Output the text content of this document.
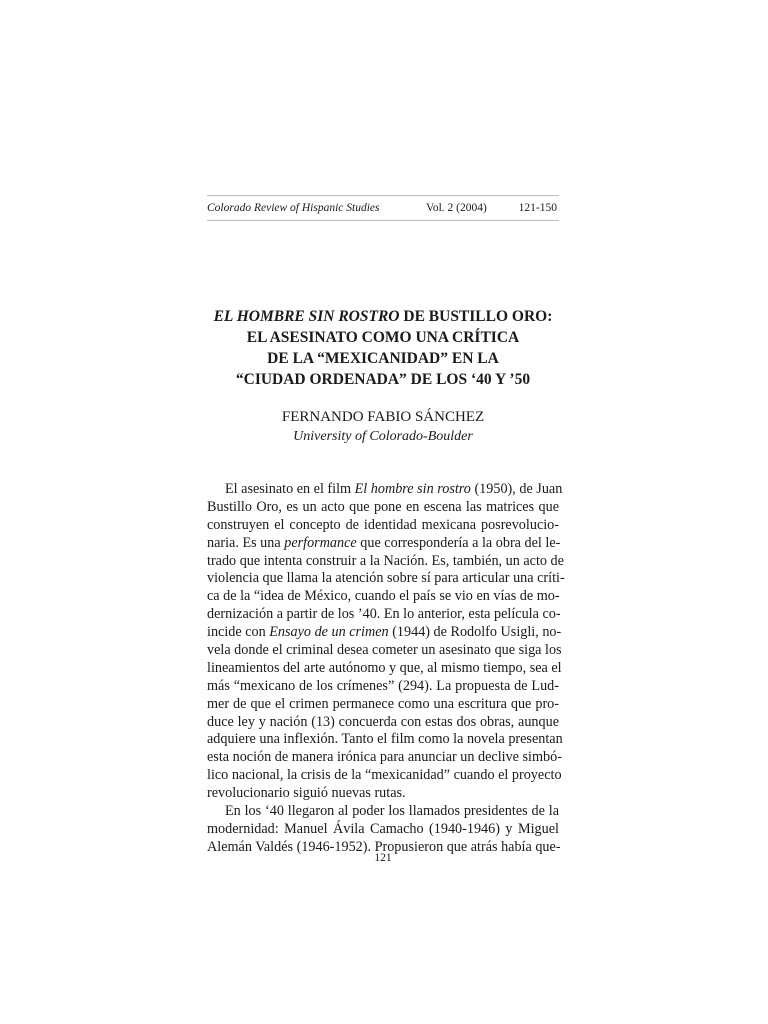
Colorado Review of Hispanic Studies	Vol. 2 (2004)	121-150
EL HOMBRE SIN ROSTRO DE BUSTILLO ORO:
EL ASESINATO COMO UNA CRÍTICA
DE LA “MEXICANIDAD” EN LA
“CIUDAD ORDENADA” DE LOS ‘40 Y ’50
FERNANDO FABIO SÁNCHEZ
University of Colorado-Boulder
El asesinato en el film El hombre sin rostro (1950), de Juan
Bustillo Oro, es un acto que pone en escena las matrices que
construyen el concepto de identidad mexicana posrevolucio-
naria. Es una performance que correspondería a la obra del le-
trado que intenta construir a la Nación. Es, también, un acto de
violencia que llama la atención sobre sí para articular una críti-
ca de la “idea de México, cuando el país se vio en vías de mo-
dernización a partir de los ’40. En lo anterior, esta película co-
incide con Ensayo de un crimen (1944) de Rodolfo Usigli, no-
vela donde el criminal desea cometer un asesinato que siga los
lineamientos del arte autónomo y que, al mismo tiempo, sea el
más “mexicano de los crímenes” (294). La propuesta de Lud-
mer de que el crimen permanece como una escritura que pro-
duce ley y nación (13) concuerda con estas dos obras, aunque
adquiere una inflexión. Tanto el film como la novela presentan
esta noción de manera irónica para anunciar un declive simbó-
lico nacional, la crisis de la “mexicanidad” cuando el proyecto
revolucionario siguió nuevas rutas.
En los ‘40 llegaron al poder los llamados presidentes de la
modernidad: Manuel Ávila Camacho (1940-1946) y Miguel
Alemán Valdés (1946-1952). Propusieron que atrás había que-
121
